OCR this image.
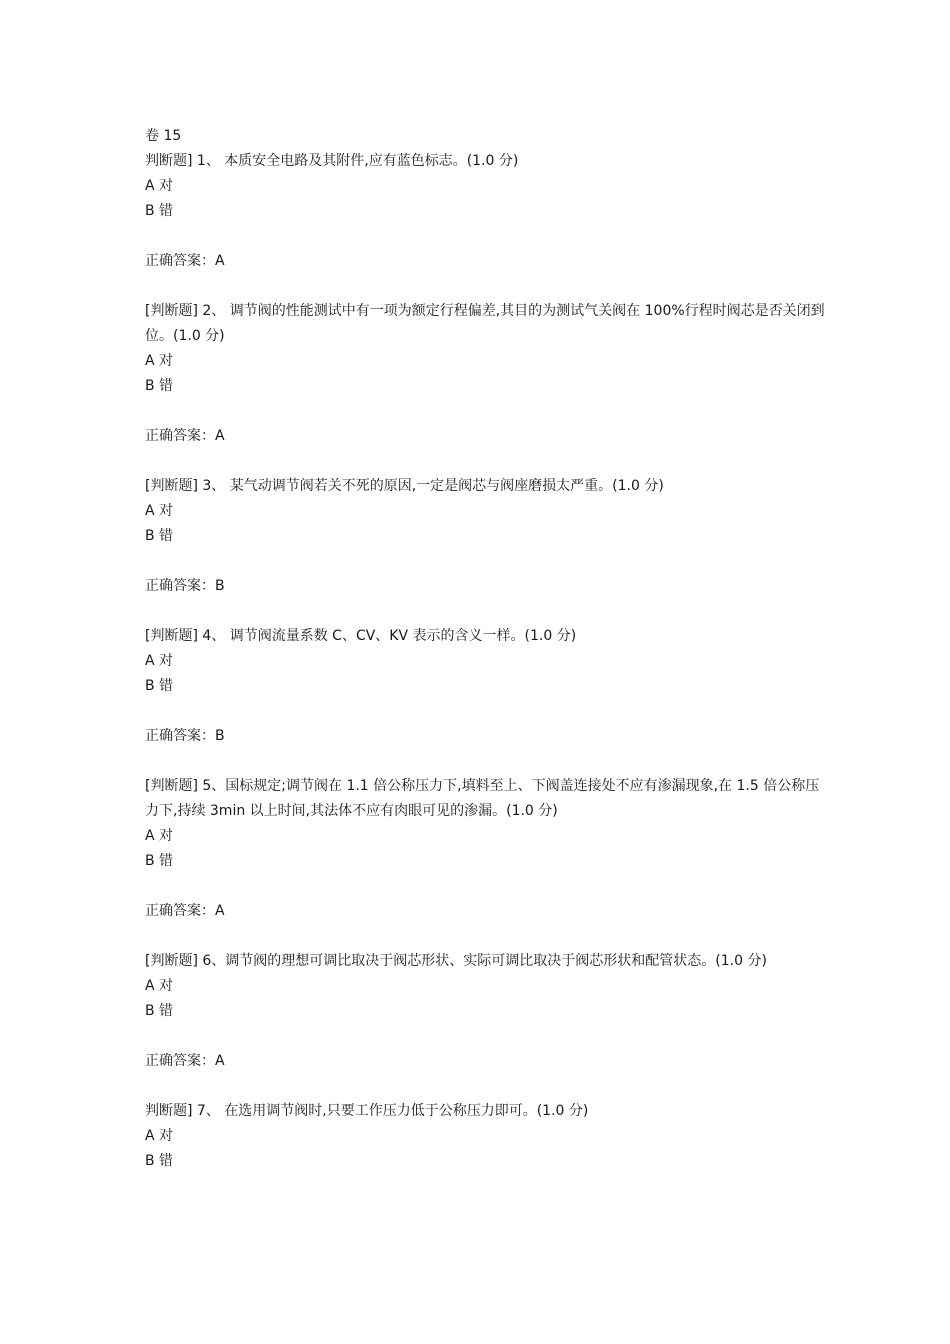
卷 15
判断题] 1、 本质安全电路及其附件,应有蓝色标志。(1.0 分)
A 对
B 错
正确答案：A
[判断题] 2、 调节阀的性能测试中有一项为额定行程偏差,其目的为测试气关阀在 100%行程时阀芯是否关闭到位。(1.0 分)
A 对
B 错
正确答案：A
[判断题] 3、 某气动调节阀若关不死的原因,一定是阀芯与阀座磨损太严重。(1.0 分)
A 对
B 错
正确答案：B
[判断题] 4、 调节阀流量系数 C、CV、KV 表示的含义一样。(1.0 分)
A 对
B 错
正确答案：B
[判断题] 5、国标规定;调节阀在 1.1 倍公称压力下,填料至上、下阀盖连接处不应有渗漏现象,在 1.5 倍公称压力下,持续 3min 以上时间,其法体不应有肉眼可见的渗漏。(1.0 分)
A 对
B 错
正确答案：A
[判断题] 6、调节阀的理想可调比取决于阀芯形状、实际可调比取决于阀芯形状和配管状态。(1.0 分)
A 对
B 错
正确答案：A
判断题] 7、 在选用调节阀时,只要工作压力低于公称压力即可。(1.0 分)
A 对
B 错
